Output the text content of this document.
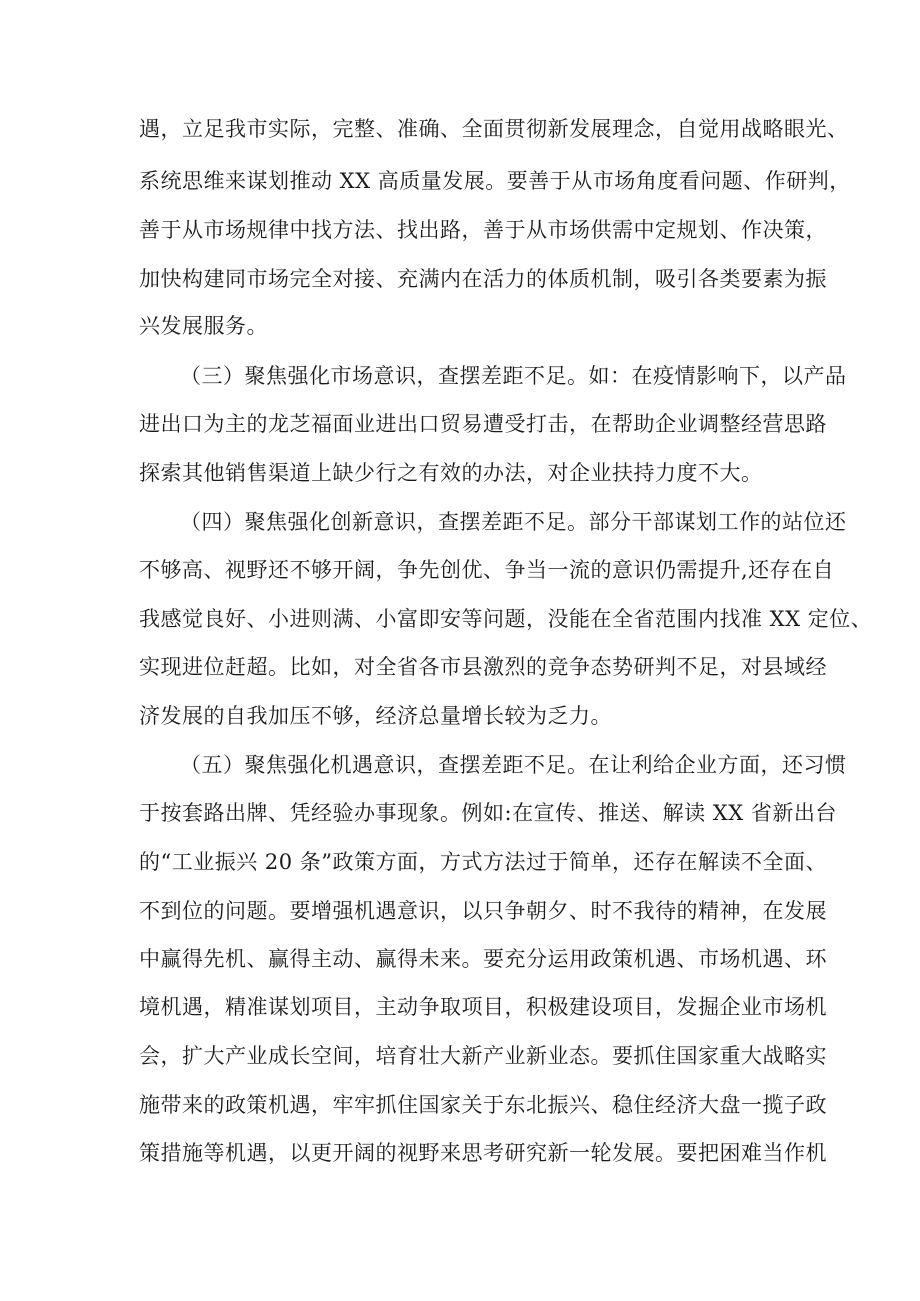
遇，立足我市实际，完整、准确、全面贯彻新发展理念，自觉用战略眼光、
系统思维来谋划推动 XX 高质量发展。要善于从市场角度看问题、作研判，
善于从市场规律中找方法、找出路，善于从市场供需中定规划、作决策，
加快构建同市场完全对接、充满内在活力的体质机制，吸引各类要素为振
兴发展服务。
（三）聚焦强化市场意识，查摆差距不足。如：在疫情影响下，以产品
进出口为主的龙芝福面业进出口贸易遭受打击，在帮助企业调整经营思路
探索其他销售渠道上缺少行之有效的办法，对企业扶持力度不大。
（四）聚焦强化创新意识，查摆差距不足。部分干部谋划工作的站位还
不够高、视野还不够开阔，争先创优、争当一流的意识仍需提升,还存在自
我感觉良好、小进则满、小富即安等问题，没能在全省范围内找准 XX 定位、
实现进位赶超。比如，对全省各市县激烈的竞争态势研判不足，对县域经
济发展的自我加压不够，经济总量增长较为乏力。
（五）聚焦强化机遇意识，查摆差距不足。在让利给企业方面，还习惯
于按套路出牌、凭经验办事现象。例如:在宣传、推送、解读 XX 省新出台
的“工业振兴 20 条”政策方面，方式方法过于简单，还存在解读不全面、
不到位的问题。要增强机遇意识，以只争朝夕、时不我待的精神，在发展
中赢得先机、赢得主动、赢得未来。要充分运用政策机遇、市场机遇、环
境机遇，精准谋划项目，主动争取项目，积极建设项目，发掘企业市场机
会，扩大产业成长空间，培育壮大新产业新业态。要抓住国家重大战略实
施带来的政策机遇，牢牢抓住国家关于东北振兴、稳住经济大盘一揽子政
策措施等机遇，以更开阔的视野来思考研究新一轮发展。要把困难当作机
